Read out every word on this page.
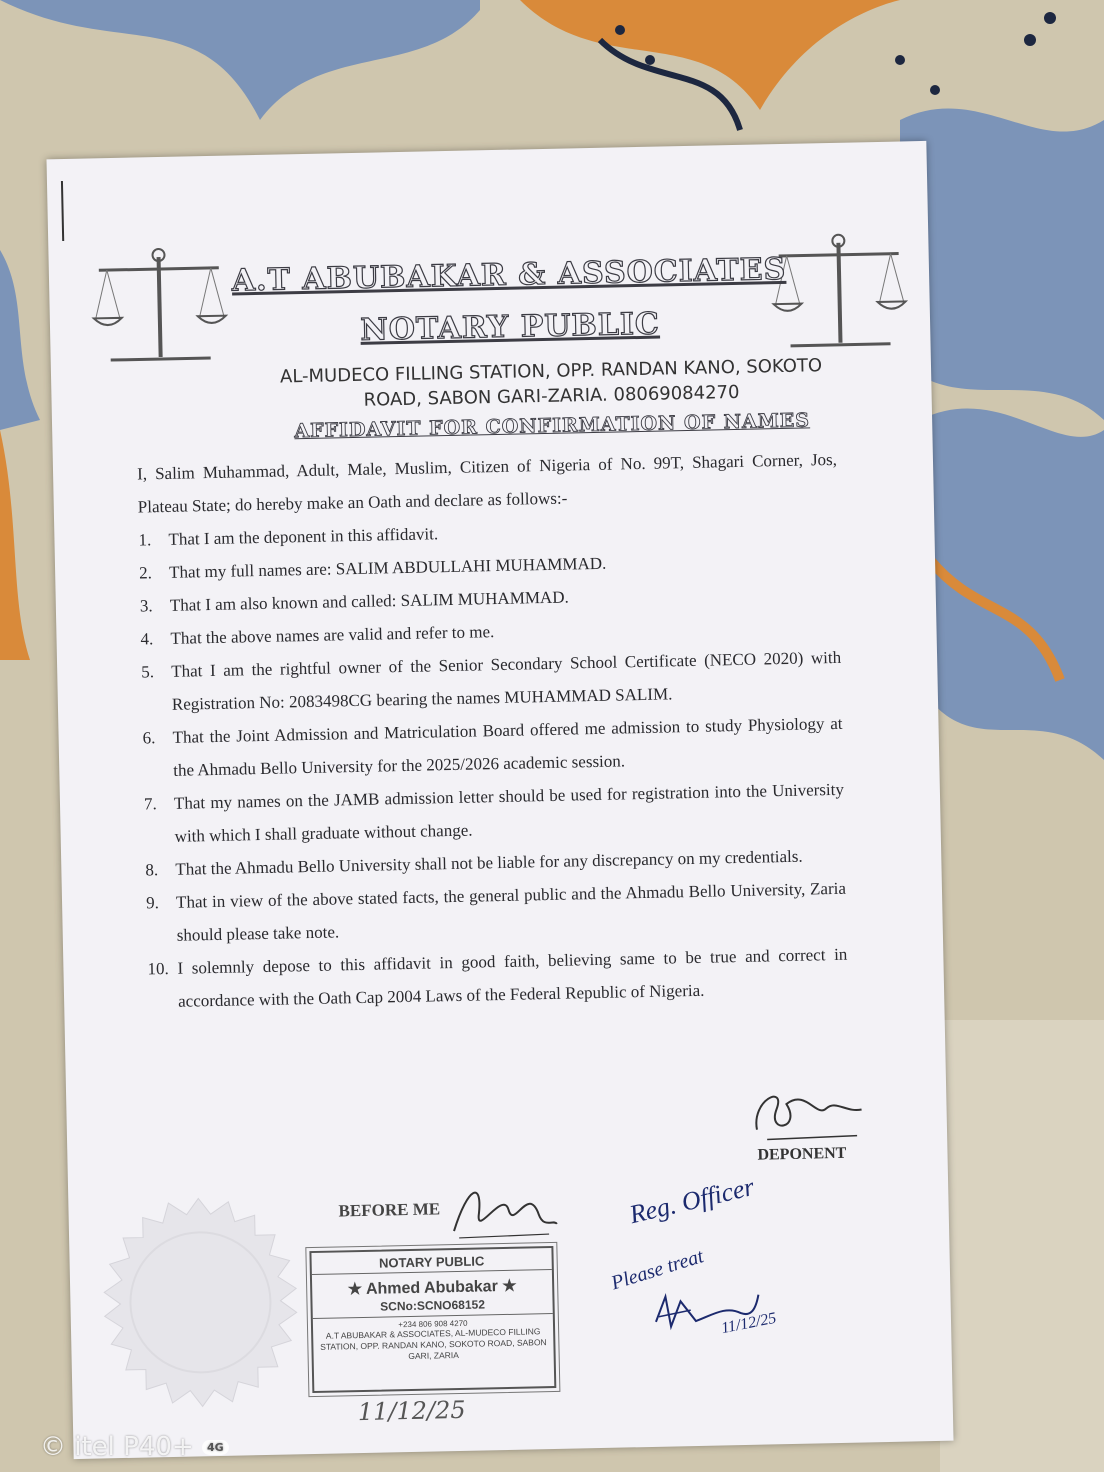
A.T ABUBAKAR & ASSOCIATES
NOTARY PUBLIC
AL-MUDECO FILLING STATION, OPP. RANDAN KANO, SOKOTO
ROAD, SABON GARI-ZARIA. 08069084270
AFFIDAVIT FOR CONFIRMATION OF NAMES
I, Salim Muhammad, Adult, Male, Muslim, Citizen of Nigeria of No. 99T, Shagari Corner, Jos, Plateau State; do hereby make an Oath and declare as follows:-
1. That I am the deponent in this affidavit.
2. That my full names are: SALIM ABDULLAHI MUHAMMAD.
3. That I am also known and called: SALIM MUHAMMAD.
4. That the above names are valid and refer to me.
5. That I am the rightful owner of the Senior Secondary School Certificate (NECO 2020) with Registration No: 2083498CG bearing the names MUHAMMAD SALIM.
6. That the Joint Admission and Matriculation Board offered me admission to study Physiology at the Ahmadu Bello University for the 2025/2026 academic session.
7. That my names on the JAMB admission letter should be used for registration into the University with which I shall graduate without change.
8. That the Ahmadu Bello University shall not be liable for any discrepancy on my credentials.
9. That in view of the above stated facts, the general public and the Ahmadu Bello University, Zaria should please take note.
10. I solemnly depose to this affidavit in good faith, believing same to be true and correct in accordance with the Oath Cap 2004 Laws of the Federal Republic of Nigeria.
DEPONENT
BEFORE ME
NOTARY PUBLIC
★ Ahmed Abubakar ★
SCNo:SCNO68152
+234 806 908 4270
A.T ABUBAKAR & ASSOCIATES, AL-MUDECO FILLING STATION, OPP. RANDAN KANO, SOKOTO ROAD, SABON GARI, ZARIA
11/12/25
Reg. Officer
Please treat
11/12/25
© itel P40+ 4G
